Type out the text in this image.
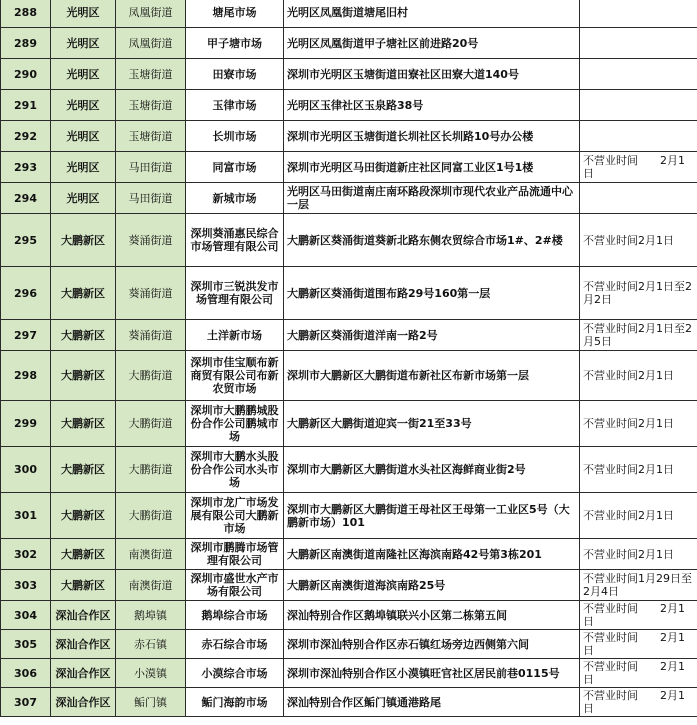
288	光明区	凤凰街道	塘尾市场	光明区凤凰街道塘尾旧村	
289	光明区	凤凰街道	甲子塘市场	光明区凤凰街道甲子塘社区前进路20号	
290	光明区	玉塘街道	田寮市场	深圳市光明区玉塘街道田寮社区田寮大道140号	
291	光明区	玉塘街道	玉律市场	光明区玉律社区玉泉路38号	
292	光明区	玉塘街道	长圳市场	深圳市光明区玉塘街道长圳社区长圳路10号办公楼	
293	光明区	马田街道	同富市场	深圳市光明区马田街道新庄社区同富工业区1号1楼	不营业时间　　2月1日
294	光明区	马田街道	新城市场	光明区马田街道南庄南环路段深圳市现代农业产品流通中心一层	
295	大鹏新区	葵涌街道	深圳葵涌惠民综合市场管理有限公司	大鹏新区葵涌街道葵新北路东侧农贸综合市场1#、2#楼	不营业时间2月1日
296	大鹏新区	葵涌街道	深圳市三锐洪发市场管理有限公司	大鹏新区葵涌街道围布路29号160第一层	不营业时间2月1日至2月2日
297	大鹏新区	葵涌街道	土洋新市场	大鹏新区葵涌街道洋南一路2号	不营业时间2月1日至2月5日
298	大鹏新区	大鹏街道	深圳市佳宝顺布新商贸有限公司布新农贸市场	深圳市大鹏新区大鹏街道布新社区布新市场第一层	不营业时间2月1日
299	大鹏新区	大鹏街道	深圳市大鹏鹏城股份合作公司鹏城市场	大鹏新区大鹏街道迎宾一街21至33号	不营业时间2月1日
300	大鹏新区	大鹏街道	深圳市大鹏水头股份合作公司水头市场	深圳市大鹏新区大鹏街道水头社区海鲜商业街2号	不营业时间2月1日
301	大鹏新区	大鹏街道	深圳市龙广市场发展有限公司大鹏新市场	深圳市大鹏新区大鹏街道王母社区王母第一工业区5号（大鹏新市场）101	不营业时间2月1日
302	大鹏新区	南澳街道	深圳市鹏腾市场管理有限公司	大鹏新区南澳街道南隆社区海滨南路42号第3栋201	不营业时间2月1日
303	大鹏新区	南澳街道	深圳市盛世水产市场有限公司	大鹏新区南澳街道海滨南路25号	不营业时间1月29日至2月4日
304	深汕合作区	鹅埠镇	鹅埠综合市场	深汕特别合作区鹅埠镇联兴小区第二栋第五间	不营业时间　　2月1日
305	深汕合作区	赤石镇	赤石综合市场	深圳市深汕特别合作区赤石镇红场旁边西侧第六间	不营业时间　　2月1日
306	深汕合作区	小漠镇	小漠综合市场	深圳市深汕特别合作区小漠镇旺官社区居民前巷0115号	不营业时间　　2月1日
307	深汕合作区	鲘门镇	鲘门海韵市场	深汕特别合作区鲘门镇通港路尾	不营业时间　　2月1日
